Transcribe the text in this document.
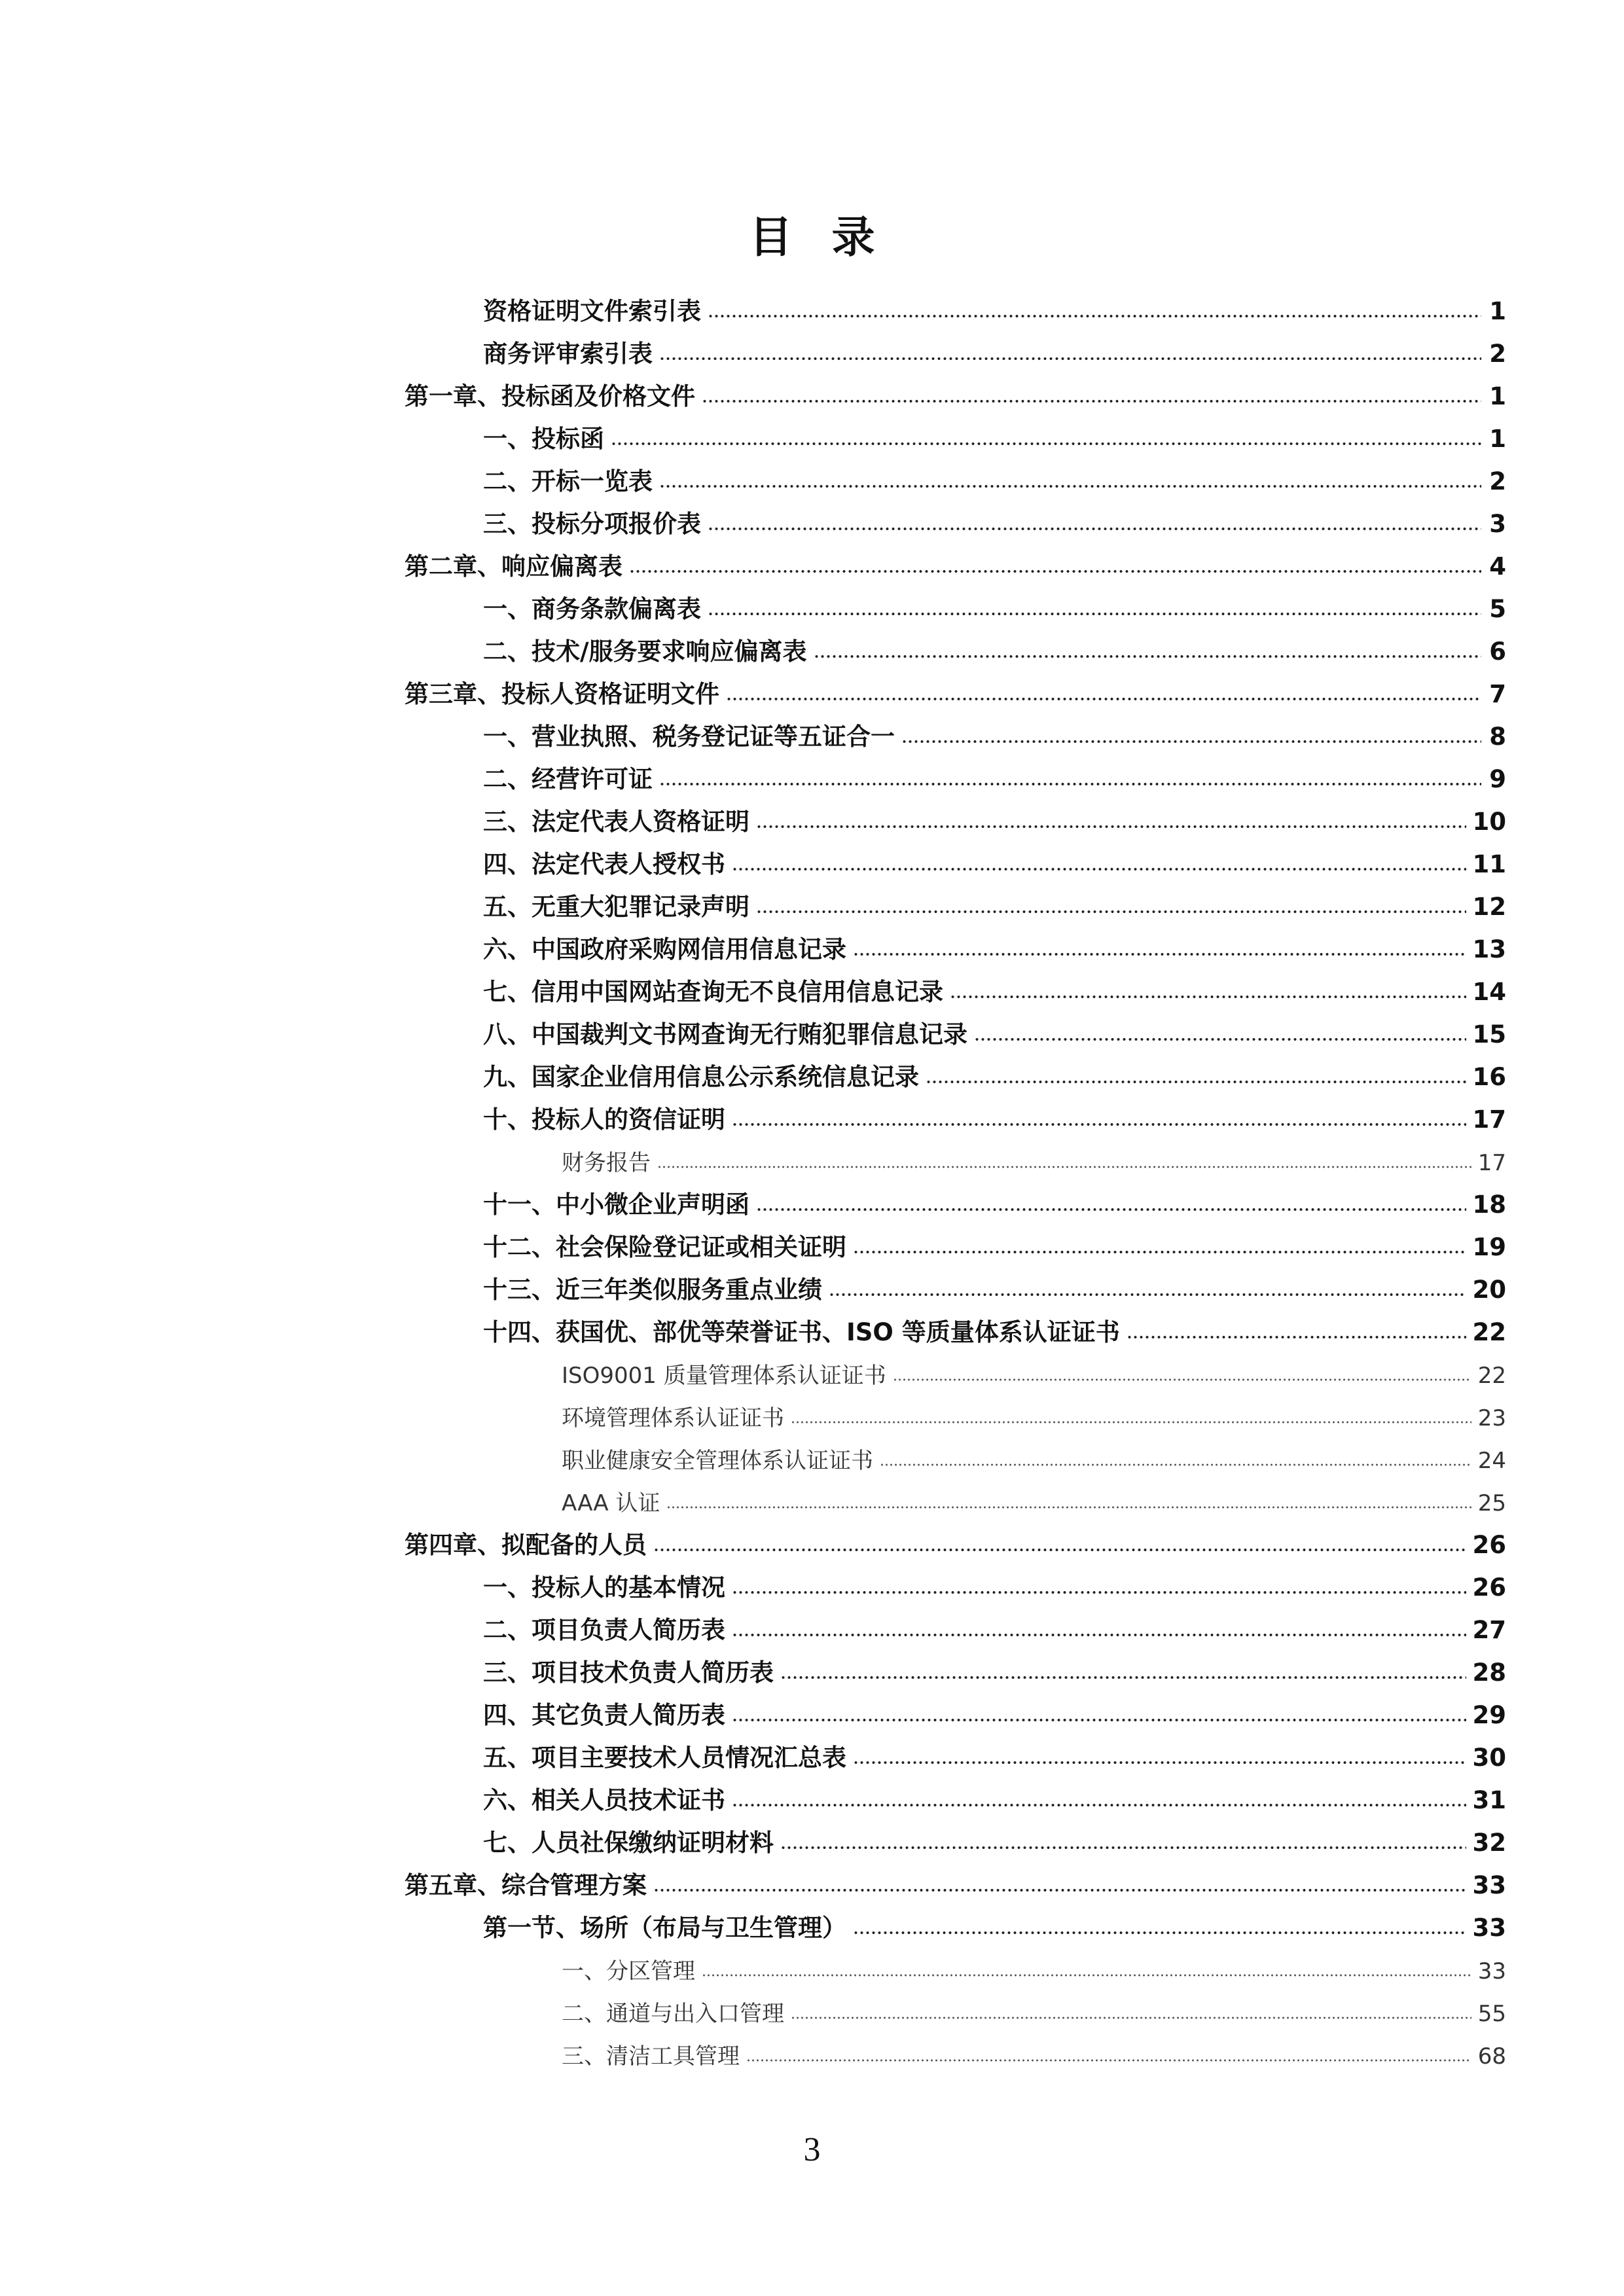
目 录
资格证明文件索引表	1
商务评审索引表	2
第一章、投标函及价格文件	1
一、投标函	1
二、开标一览表	2
三、投标分项报价表	3
第二章、响应偏离表	4
一、商务条款偏离表	5
二、技术/服务要求响应偏离表	6
第三章、投标人资格证明文件	7
一、营业执照、税务登记证等五证合一	8
二、经营许可证	9
三、法定代表人资格证明	10
四、法定代表人授权书	11
五、无重大犯罪记录声明	12
六、中国政府采购网信用信息记录	13
七、信用中国网站查询无不良信用信息记录	14
八、中国裁判文书网查询无行贿犯罪信息记录	15
九、国家企业信用信息公示系统信息记录	16
十、投标人的资信证明	17
财务报告	17
十一、中小微企业声明函	18
十二、社会保险登记证或相关证明	19
十三、近三年类似服务重点业绩	20
十四、获国优、部优等荣誉证书、ISO 等质量体系认证证书	22
ISO9001 质量管理体系认证证书	22
环境管理体系认证证书	23
职业健康安全管理体系认证证书	24
AAA 认证	25
第四章、拟配备的人员	26
一、投标人的基本情况	26
二、项目负责人简历表	27
三、项目技术负责人简历表	28
四、其它负责人简历表	29
五、项目主要技术人员情况汇总表	30
六、相关人员技术证书	31
七、人员社保缴纳证明材料	32
第五章、综合管理方案	33
第一节、场所（布局与卫生管理）	33
一、分区管理	33
二、通道与出入口管理	55
三、清洁工具管理	68
3
